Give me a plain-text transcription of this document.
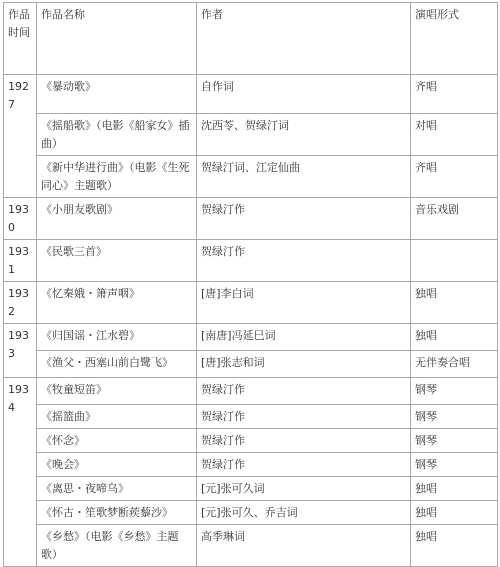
作品时间	作品名称	作者	演唱形式
1927	《暴动歌》	自作词	齐唱
	《摇船歌》（电影《船家女》插曲）	沈西苓、贺绿汀词	对唱
	《新中华进行曲》（电影《生死同心》主题歌）	贺绿汀词、江定仙曲	齐唱
1930	《小朋友歌剧》	贺绿汀作	音乐戏剧
1931	《民歌三首》	贺绿汀作	
1932	《忆秦娥・箫声咽》	[唐]李白词	独唱
1933	《归国谣・江水碧》	[南唐]冯延巳词	独唱
	《渔父・西塞山前白鹭飞》	[唐]张志和词	无伴奏合唱
1934	《牧童短笛》	贺绿汀作	钢琴
	《摇篮曲》	贺绿汀作	钢琴
	《怀念》	贺绿汀作	钢琴
	《晚会》	贺绿汀作	钢琴
	《离思・夜啼乌》	[元]张可久词	独唱
	《怀古・笙歌梦断蒺藜沙》	[元]张可久、乔吉词	独唱
	《乡愁》（电影《乡愁》主题歌）	高季琳词	独唱
